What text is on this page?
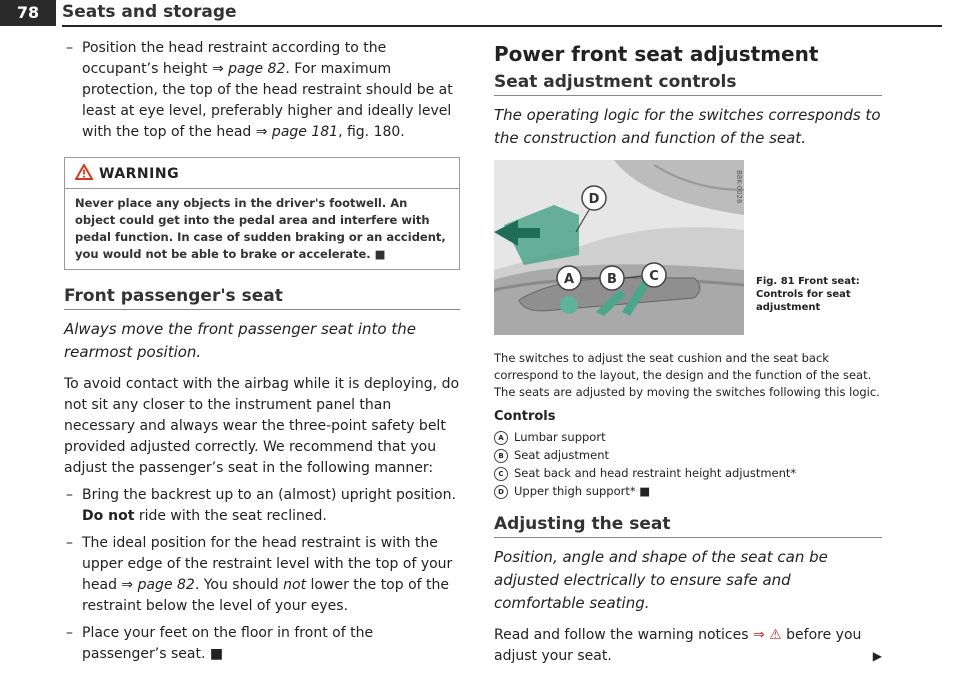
78	Seats and storage
– Position the head restraint according to the occupant’s height ⇒ page 82. For maximum protection, the top of the head restraint should be at least at eye level, preferably higher and ideally level with the top of the head ⇒ page 181, fig. 180.
WARNING
Never place any objects in the driver's footwell. An object could get into the pedal area and interfere with pedal function. In case of sudden braking or an accident, you would not be able to brake or accelerate. ■
Front passenger's seat
Always move the front passenger seat into the rearmost position.
To avoid contact with the airbag while it is deploying, do not sit any closer to the instrument panel than necessary and always wear the three-point safety belt provided adjusted correctly. We recommend that you adjust the passenger’s seat in the following manner:
– Bring the backrest up to an (almost) upright position. Do not ride with the seat reclined.
– The ideal position for the head restraint is with the upper edge of the restraint level with the top of your head ⇒ page 82. You should not lower the top of the restraint below the level of your eyes.
– Place your feet on the floor in front of the passenger’s seat. ■
Power front seat adjustment
Seat adjustment controls
The operating logic for the switches corresponds to the construction and function of the seat.
A	B C
D	B8K-0026
Fig. 81 Front seat: Controls for seat adjustment
The switches to adjust the seat cushion and the seat back correspond to the layout, the design and the function of the seat. The seats are adjusted by moving the switches following this logic.
Controls
A Lumbar support
B Seat adjustment
C Seat back and head restraint height adjustment*
D Upper thigh support* ■
Adjusting the seat
Position, angle and shape of the seat can be adjusted electrically to ensure safe and comfortable seating.
Read and follow the warning notices ⇒ ⚠ before you adjust your seat.	▶
